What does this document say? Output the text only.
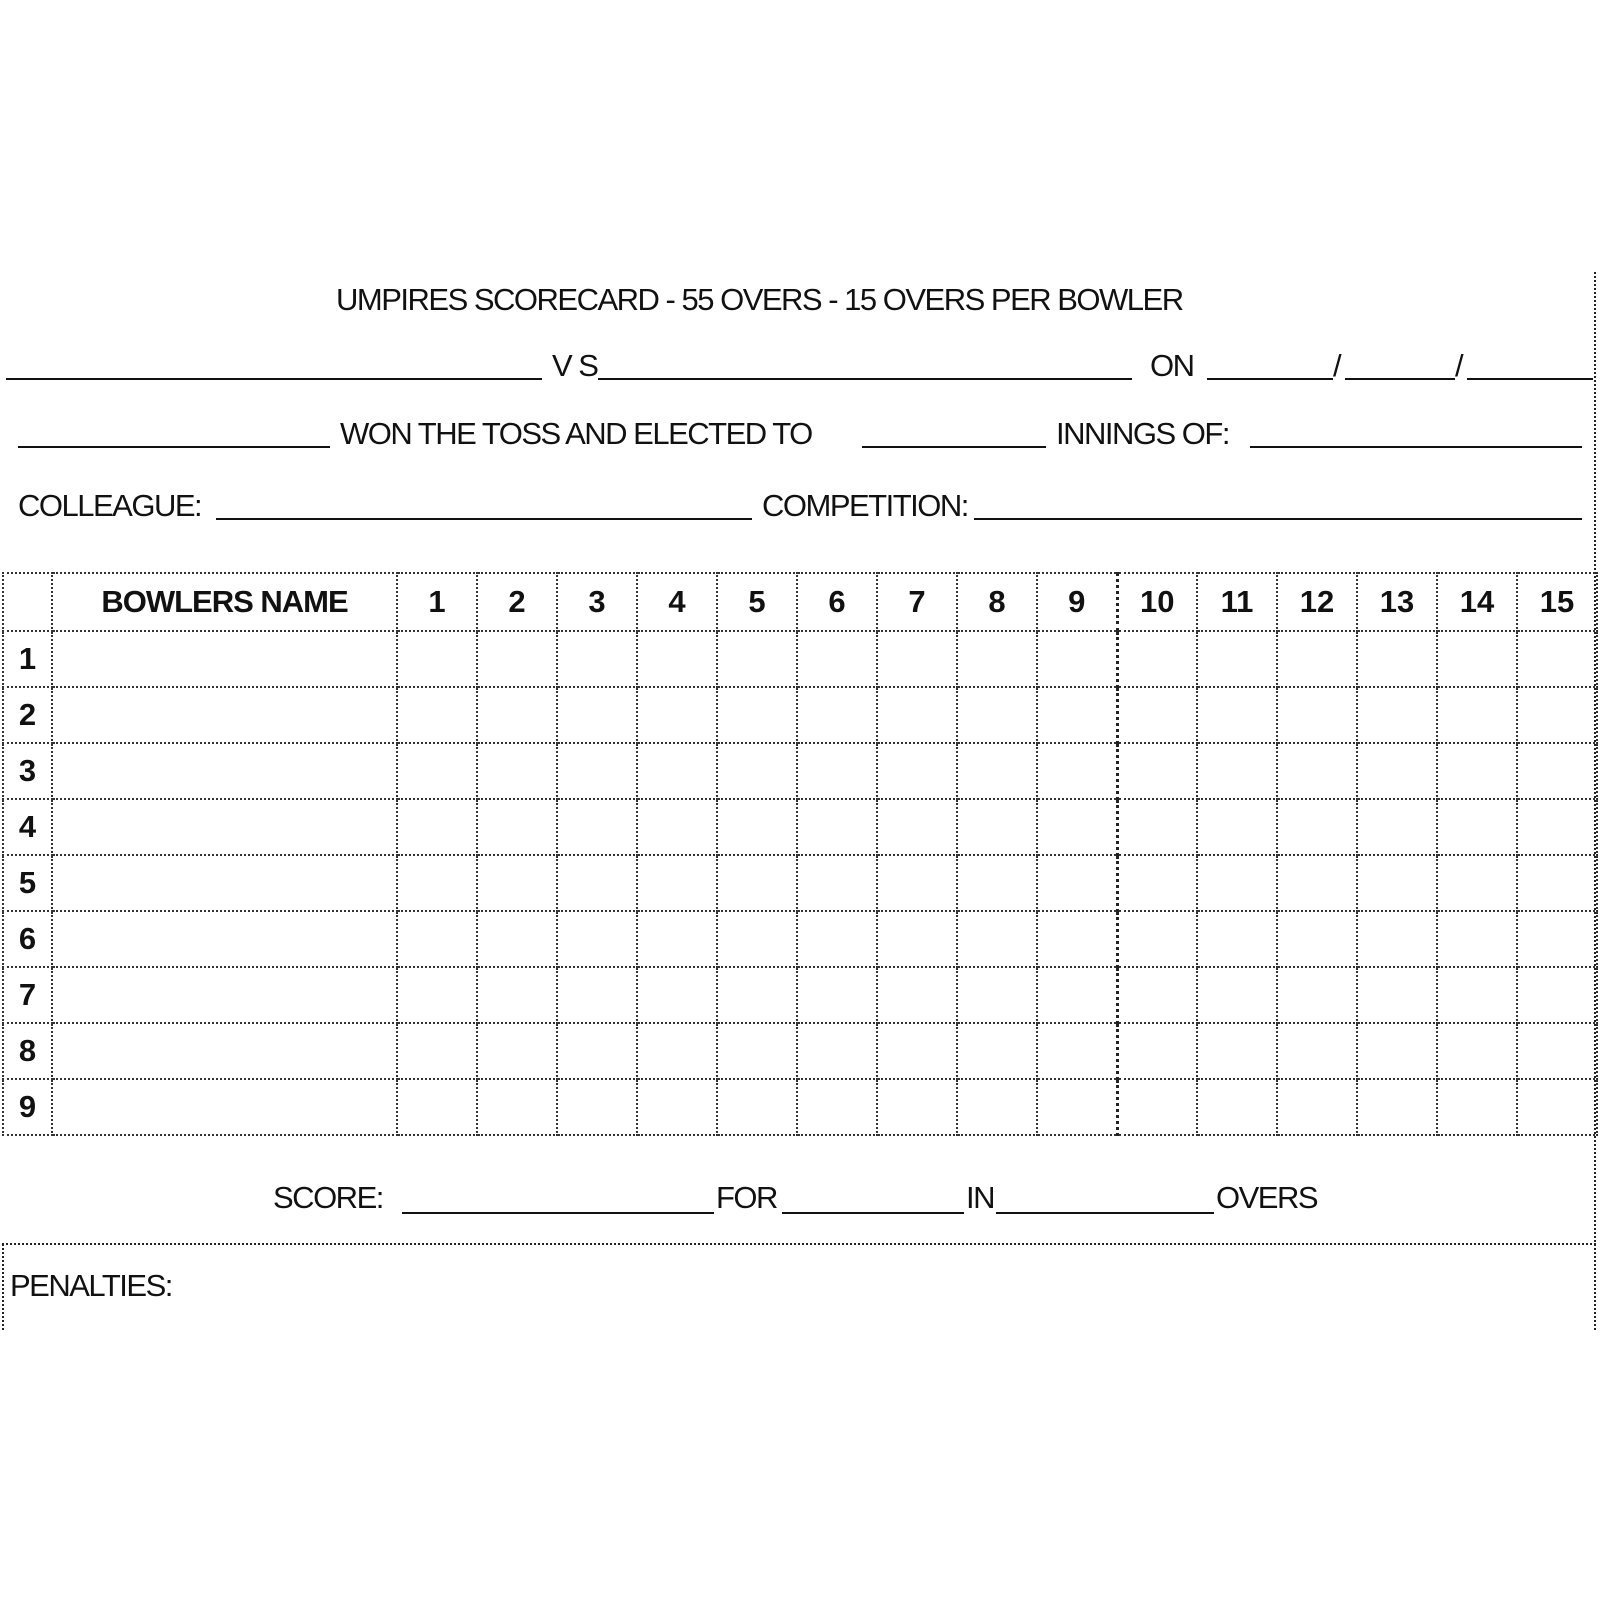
UMPIRES SCORECARD - 55 OVERS - 15 OVERS PER BOWLER
V S	ON	/	/
WON THE TOSS AND ELECTED TO	INNINGS OF:
COLLEAGUE:	COMPETITION:
	BOWLERS NAME	1	2	3	4	5	6	7	8	9	10	11	12	13	14	15
1																
2																
3																
4																
5																
6																
7																
8																
9																
SCORE:	FOR	IN	OVERS
PENALTIES:
